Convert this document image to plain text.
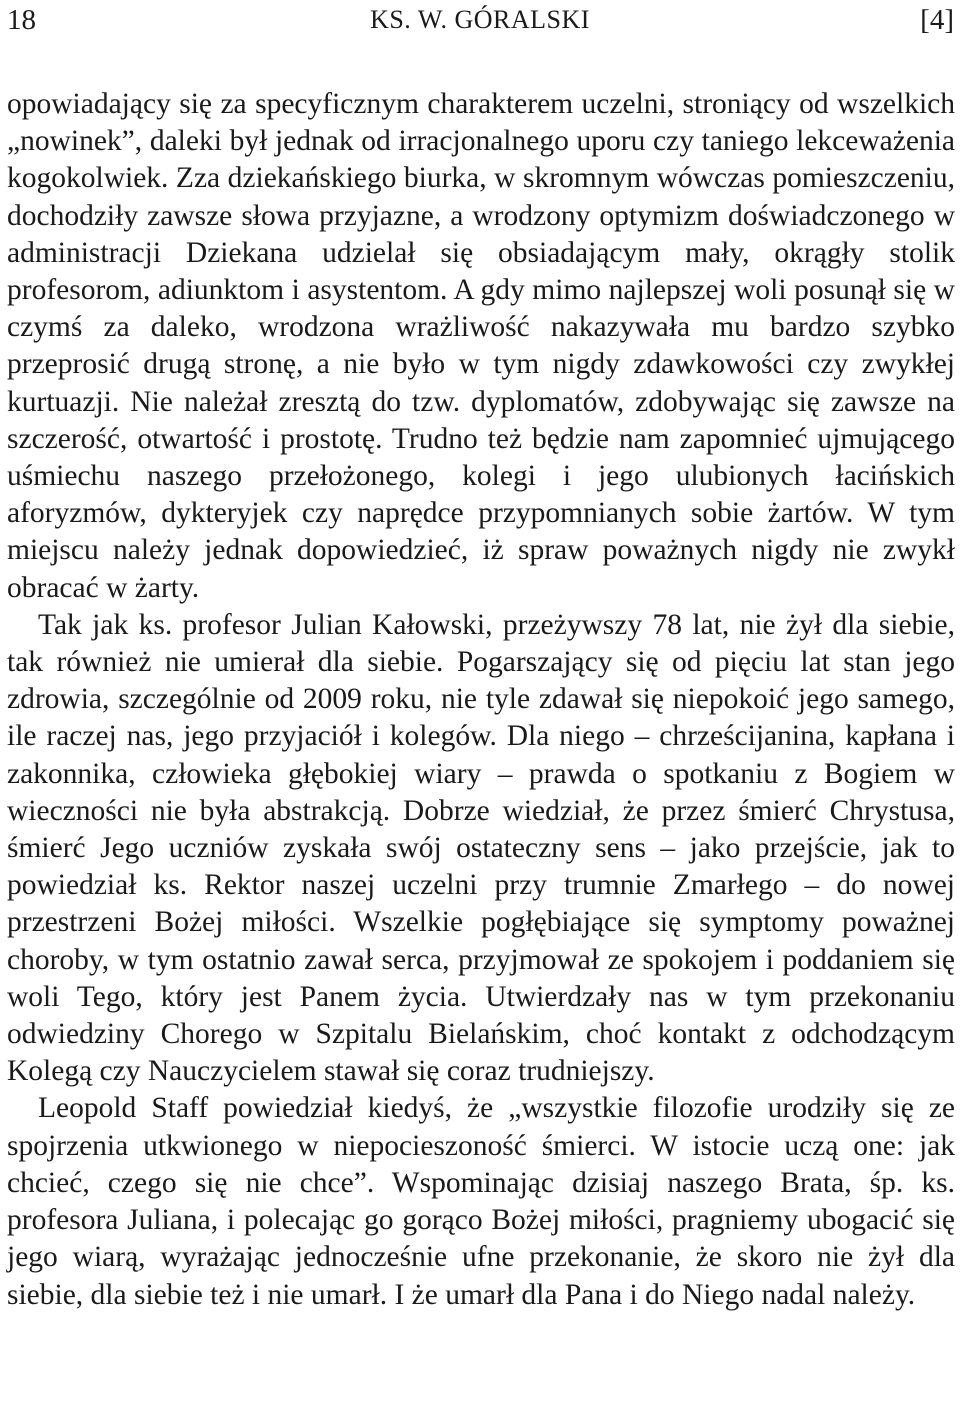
18	KS. W. GÓRALSKI	[4]

opowiadający się za specyficznym charakterem uczelni, stroniący od wszelkich „nowinek”, daleki był jednak od irracjonalnego uporu czy taniego lekceważenia kogokolwiek. Zza dziekańskiego biurka, w skromnym wówczas pomieszczeniu, dochodziły zawsze słowa przyjazne, a wrodzony optymizm doświadczonego w administracji Dziekana udzielał się obsiadającym mały, okrągły stolik profesorom, adiunktom i asystentom. A gdy mimo najlepszej woli posunął się w czymś za daleko, wrodzona wrażliwość nakazywała mu bardzo szybko przeprosić drugą stronę, a nie było w tym nigdy zdawkowości czy zwykłej kurtuazji. Nie należał zresztą do tzw. dyplomatów, zdobywając się zawsze na szczerość, otwartość i prostotę. Trudno też będzie nam zapomnieć ujmującego uśmiechu naszego przełożonego, kolegi i jego ulubionych łacińskich aforyzmów, dykteryjek czy naprędce przypomnianych sobie żartów. W tym miejscu należy jednak dopowiedzieć, iż spraw poważnych nigdy nie zwykł obracać w żarty.

Tak jak ks. profesor Julian Kałowski, przeżywszy 78 lat, nie żył dla siebie, tak również nie umierał dla siebie. Pogarszający się od pięciu lat stan jego zdrowia, szczególnie od 2009 roku, nie tyle zdawał się niepokoić jego samego, ile raczej nas, jego przyjaciół i kolegów. Dla niego – chrześcijanina, kapłana i zakonnika, człowieka głębokiej wiary – prawda o spotkaniu z Bogiem w wieczności nie była abstrakcją. Dobrze wiedział, że przez śmierć Chrystusa, śmierć Jego uczniów zyskała swój ostateczny sens – jako przejście, jak to powiedział ks. Rektor naszej uczelni przy trumnie Zmarłego – do nowej przestrzeni Bożej miłości. Wszelkie pogłębiające się symptomy poważnej choroby, w tym ostatnio zawał serca, przyjmował ze spokojem i poddaniem się woli Tego, który jest Panem życia. Utwierdzały nas w tym przekonaniu odwiedziny Chorego w Szpitalu Bielańskim, choć kontakt z odchodzącym Kolegą czy Nauczycielem stawał się coraz trudniejszy.

Leopold Staff powiedział kiedyś, że „wszystkie filozofie urodziły się ze spojrzenia utkwionego w niepocieszoność śmierci. W istocie uczą one: jak chcieć, czego się nie chce”. Wspominając dzisiaj naszego Brata, śp. ks. profesora Juliana, i polecając go gorąco Bożej miłości, pragniemy ubogacić się jego wiarą, wyrażając jednocześnie ufne przekonanie, że skoro nie żył dla siebie, dla siebie też i nie umarł. I że umarł dla Pana i do Niego nadal należy.
